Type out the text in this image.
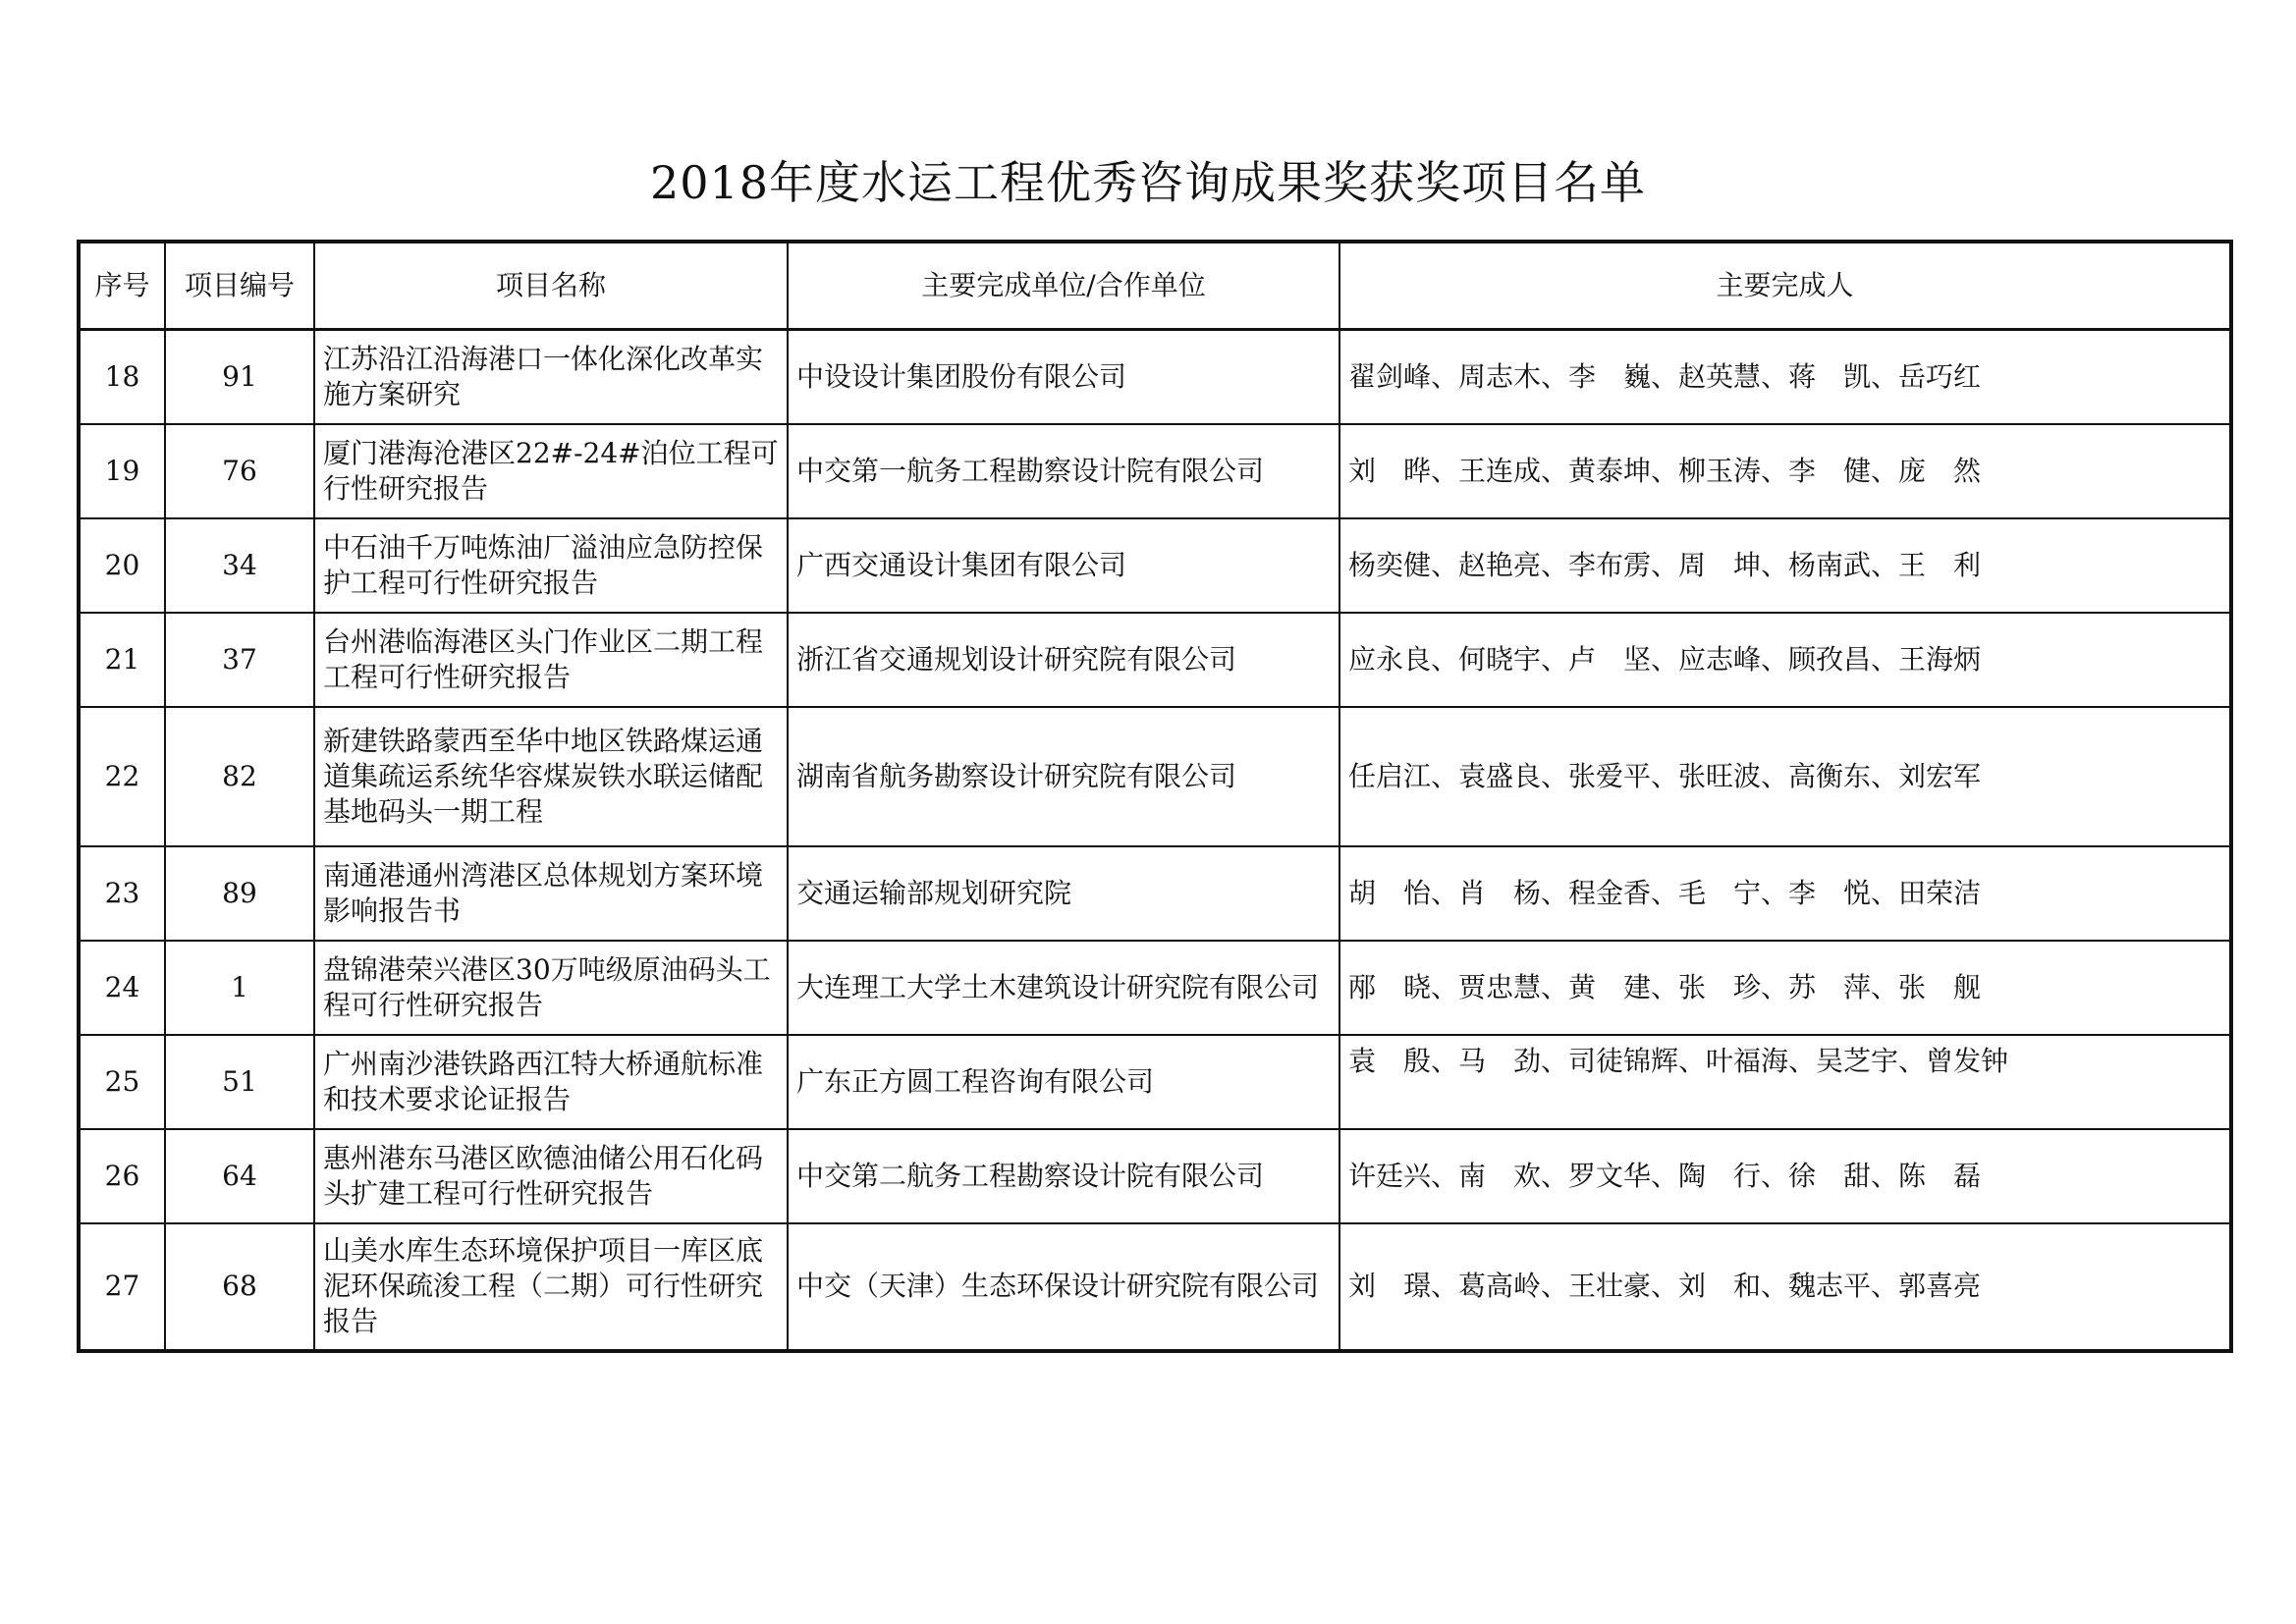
2018年度水运工程优秀咨询成果奖获奖项目名单
序号	项目编号	项目名称	主要完成单位/合作单位	主要完成人
18	91	江苏沿江沿海港口一体化深化改革实施方案研究	中设设计集团股份有限公司	翟剑峰、周志木、李　巍、赵英慧、蒋　凯、岳巧红
19	76	厦门港海沧港区22#-24#泊位工程可行性研究报告	中交第一航务工程勘察设计院有限公司	刘　晔、王连成、黄泰坤、柳玉涛、李　健、庞　然
20	34	中石油千万吨炼油厂溢油应急防控保护工程可行性研究报告	广西交通设计集团有限公司	杨奕健、赵艳亮、李布雳、周　坤、杨南武、王　利
21	37	台州港临海港区头门作业区二期工程工程可行性研究报告	浙江省交通规划设计研究院有限公司	应永良、何晓宇、卢　坚、应志峰、顾孜昌、王海炳
22	82	新建铁路蒙西至华中地区铁路煤运通道集疏运系统华容煤炭铁水联运储配基地码头一期工程	湖南省航务勘察设计研究院有限公司	任启江、袁盛良、张爱平、张旺波、高衡东、刘宏军
23	89	南通港通州湾港区总体规划方案环境影响报告书	交通运输部规划研究院	胡　怡、肖　杨、程金香、毛　宁、李　悦、田荣洁
24	1	盘锦港荣兴港区30万吨级原油码头工程可行性研究报告	大连理工大学土木建筑设计研究院有限公司	邴　晓、贾忠慧、黄　建、张　珍、苏　萍、张　舰
25	51	广州南沙港铁路西江特大桥通航标准和技术要求论证报告	广东正方圆工程咨询有限公司	袁　殷、马　劲、司徒锦辉、叶福海、吴芝宇、曾发钟
26	64	惠州港东马港区欧德油储公用石化码头扩建工程可行性研究报告	中交第二航务工程勘察设计院有限公司	许廷兴、南　欢、罗文华、陶　行、徐　甜、陈　磊
27	68	山美水库生态环境保护项目一库区底泥环保疏浚工程（二期）可行性研究报告	中交（天津）生态环保设计研究院有限公司	刘　璟、葛高岭、王壮豪、刘　和、魏志平、郭喜亮
